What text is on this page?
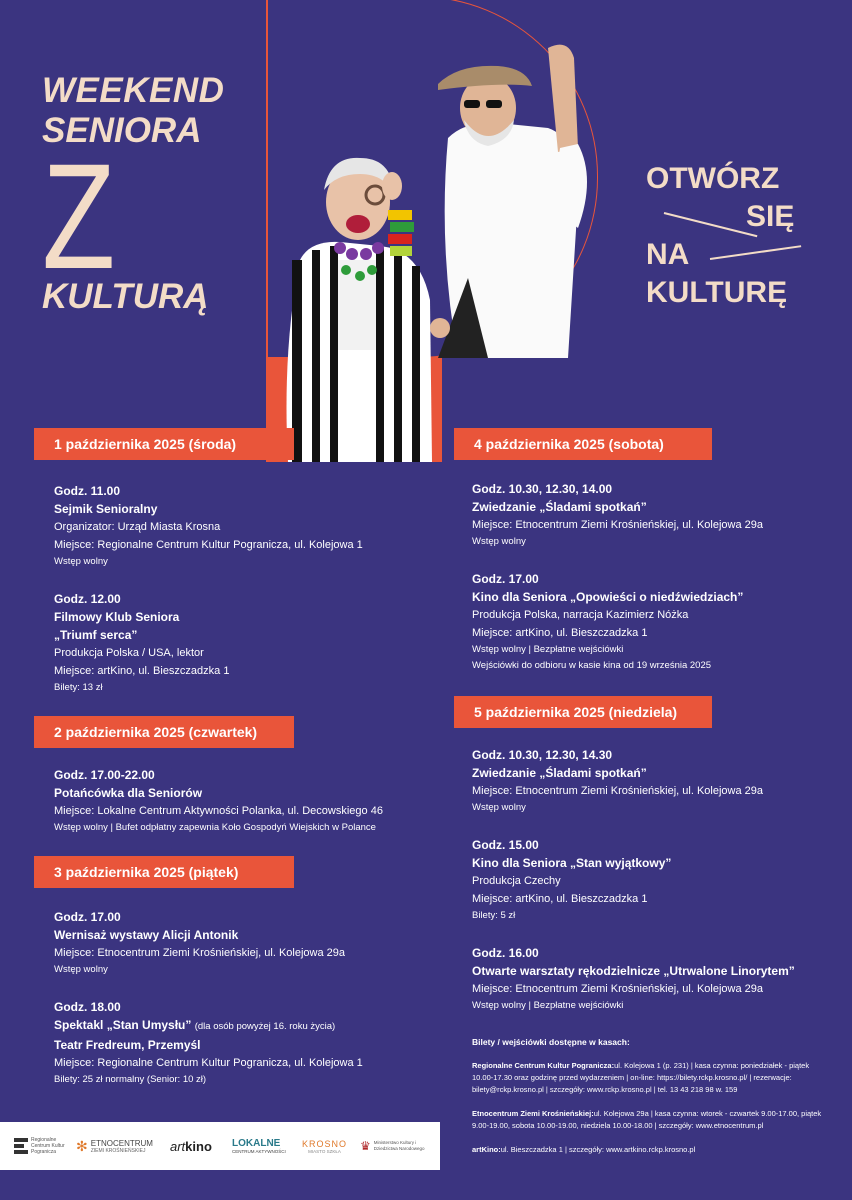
WEEKEND
SENIORA
Z
KULTURĄ
OTWÓRZ
SIĘ
NA
KULTURĘ
1 października 2025 (środa)
Godz. 11.00
Sejmik Senioralny
Organizator: Urząd Miasta Krosna
Miejsce: Regionalne Centrum Kultur Pogranicza, ul. Kolejowa 1
Wstęp wolny
Godz. 12.00
Filmowy Klub Seniora
„Triumf serca”
Produkcja Polska / USA, lektor
Miejsce: artKino, ul. Bieszczadzka 1
Bilety: 13 zł
2 października 2025 (czwartek)
Godz. 17.00-22.00
Potańcówka dla Seniorów
Miejsce: Lokalne Centrum Aktywności Polanka, ul. Decowskiego 46
Wstęp wolny | Bufet odpłatny zapewnia Koło Gospodyń Wiejskich w Polance
3 października 2025 (piątek)
Godz. 17.00
Wernisaż wystawy Alicji Antonik
Miejsce: Etnocentrum Ziemi Krośnieńskiej, ul. Kolejowa 29a
Wstęp wolny
Godz. 18.00
Spektakl „Stan Umysłu” (dla osób powyżej 16. roku życia)
Teatr Fredreum, Przemyśl
Miejsce: Regionalne Centrum Kultur Pogranicza, ul. Kolejowa 1
Bilety: 25 zł normalny (Senior: 10 zł)
4 października 2025 (sobota)
Godz. 10.30, 12.30, 14.00
Zwiedzanie „Śladami spotkań”
Miejsce: Etnocentrum Ziemi Krośnieńskiej, ul. Kolejowa 29a
Wstęp wolny
Godz. 17.00
Kino dla Seniora „Opowieści o niedźwiedziach”
Produkcja Polska, narracja Kazimierz Nóżka
Miejsce: artKino, ul. Bieszczadzka 1
Wstęp wolny | Bezpłatne wejściówki
Wejściówki do odbioru w kasie kina od 19 września 2025
5 października 2025 (niedziela)
Godz. 10.30, 12.30, 14.30
Zwiedzanie „Śladami spotkań”
Miejsce: Etnocentrum Ziemi Krośnieńskiej, ul. Kolejowa 29a
Wstęp wolny
Godz. 15.00
Kino dla Seniora „Stan wyjątkowy”
Produkcja Czechy
Miejsce: artKino, ul. Bieszczadzka 1
Bilety: 5 zł
Godz. 16.00
Otwarte warsztaty rękodzielnicze „Utrwalone Linorytem”
Miejsce: Etnocentrum Ziemi Krośnieńskiej, ul. Kolejowa 29a
Wstęp wolny | Bezpłatne wejściówki
Bilety / wejściówki dostępne w kasach:
Regionalne Centrum Kultur Pogranicza:ul. Kolejowa 1 (p. 231) | kasa czynna: poniedziałek - piątek 10.00-17.30 oraz godzinę przed wydarzeniem | on-line: https://bilety.rckp.krosno.pl/ | rezerwacje: bilety@rckp.krosno.pl | szczegóły: www.rckp.krosno.pl | tel. 13 43 218 98 w. 159
Etnocentrum Ziemi Krośnieńskiej:ul. Kolejowa 29a | kasa czynna: wtorek - czwartek 9.00-17.00, piątek 9.00-19.00, sobota 10.00-19.00, niedziela 10.00-18.00 | szczegóły: www.etnocentrum.pl
artKino:ul. Bieszczadzka 1 | szczegóły: www.artkino.rckp.krosno.pl
Regionalne Centrum Kultur Pogranicza	✻ ETNOCENTRUM
ZIEMI KROŚNIEŃSKIEJ	art kino LOKALNE
CENTRUM AKTYWNOŚCI
KROSNO
MIASTO SZKŁA ♛ Ministerstwo Kultury i Dziedzictwa Narodowego
